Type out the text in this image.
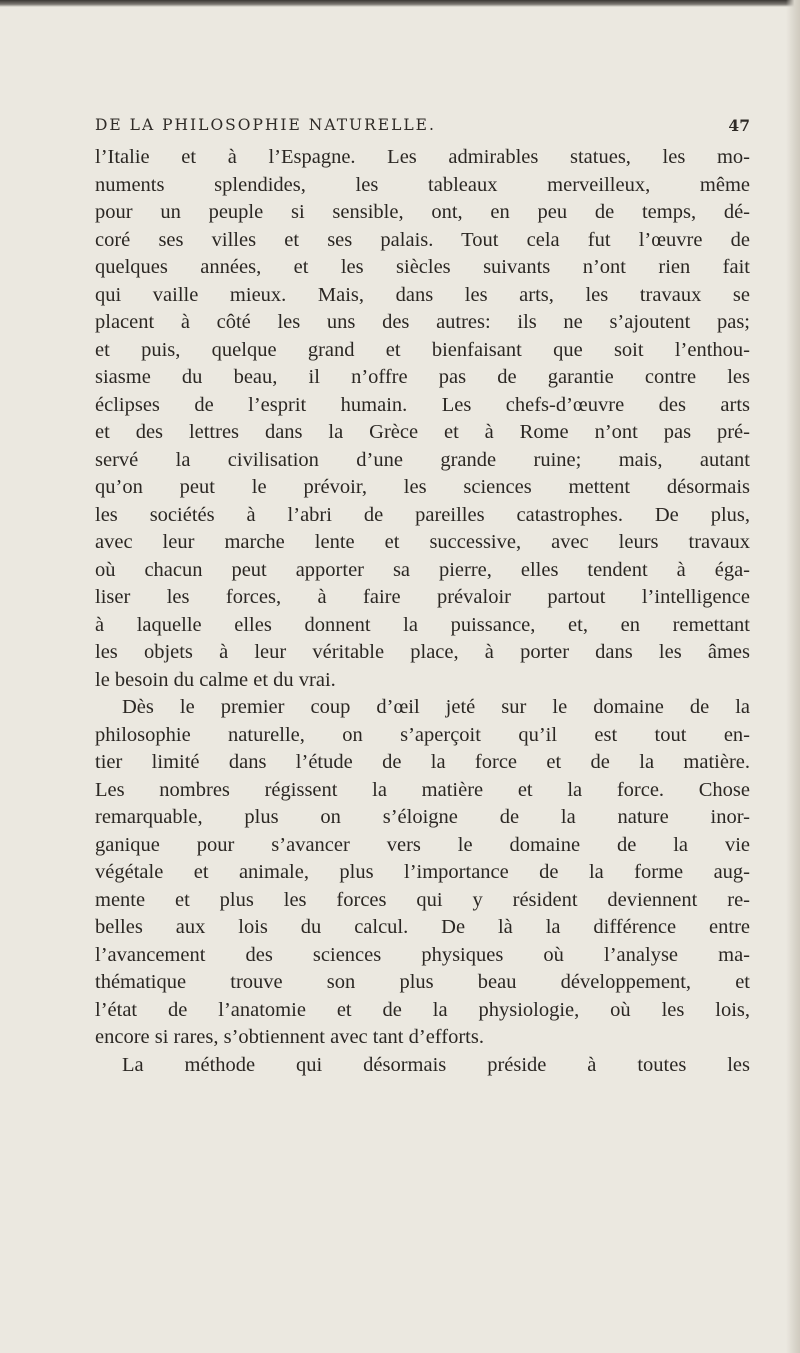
DE LA PHILOSOPHIE NATURELLE.	47
l’Italie et à l’Espagne. Les admirables statues, les mo-
numents splendides, les tableaux merveilleux, même
pour un peuple si sensible, ont, en peu de temps, dé-
coré ses villes et ses palais. Tout cela fut l’œuvre de
quelques années, et les siècles suivants n’ont rien fait
qui vaille mieux. Mais, dans les arts, les travaux se
placent à côté les uns des autres: ils ne s’ajoutent pas;
et puis, quelque grand et bienfaisant que soit l’enthou-
siasme du beau, il n’offre pas de garantie contre les
éclipses de l’esprit humain. Les chefs-d’œuvre des arts
et des lettres dans la Grèce et à Rome n’ont pas pré-
servé la civilisation d’une grande ruine; mais, autant
qu’on peut le prévoir, les sciences mettent désormais
les sociétés à l’abri de pareilles catastrophes. De plus,
avec leur marche lente et successive, avec leurs travaux
où chacun peut apporter sa pierre, elles tendent à éga-
liser les forces, à faire prévaloir partout l’intelligence
à laquelle elles donnent la puissance, et, en remettant
les objets à leur véritable place, à porter dans les âmes
le besoin du calme et du vrai.
Dès le premier coup d’œil jeté sur le domaine de la
philosophie naturelle, on s’aperçoit qu’il est tout en-
tier limité dans l’étude de la force et de la matière.
Les nombres régissent la matière et la force. Chose
remarquable, plus on s’éloigne de la nature inor-
ganique pour s’avancer vers le domaine de la vie
végétale et animale, plus l’importance de la forme aug-
mente et plus les forces qui y résident deviennent re-
belles aux lois du calcul. De là la différence entre
l’avancement des sciences physiques où l’analyse ma-
thématique trouve son plus beau développement, et
l’état de l’anatomie et de la physiologie, où les lois,
encore si rares, s’obtiennent avec tant d’efforts.
La méthode qui désormais préside à toutes les
